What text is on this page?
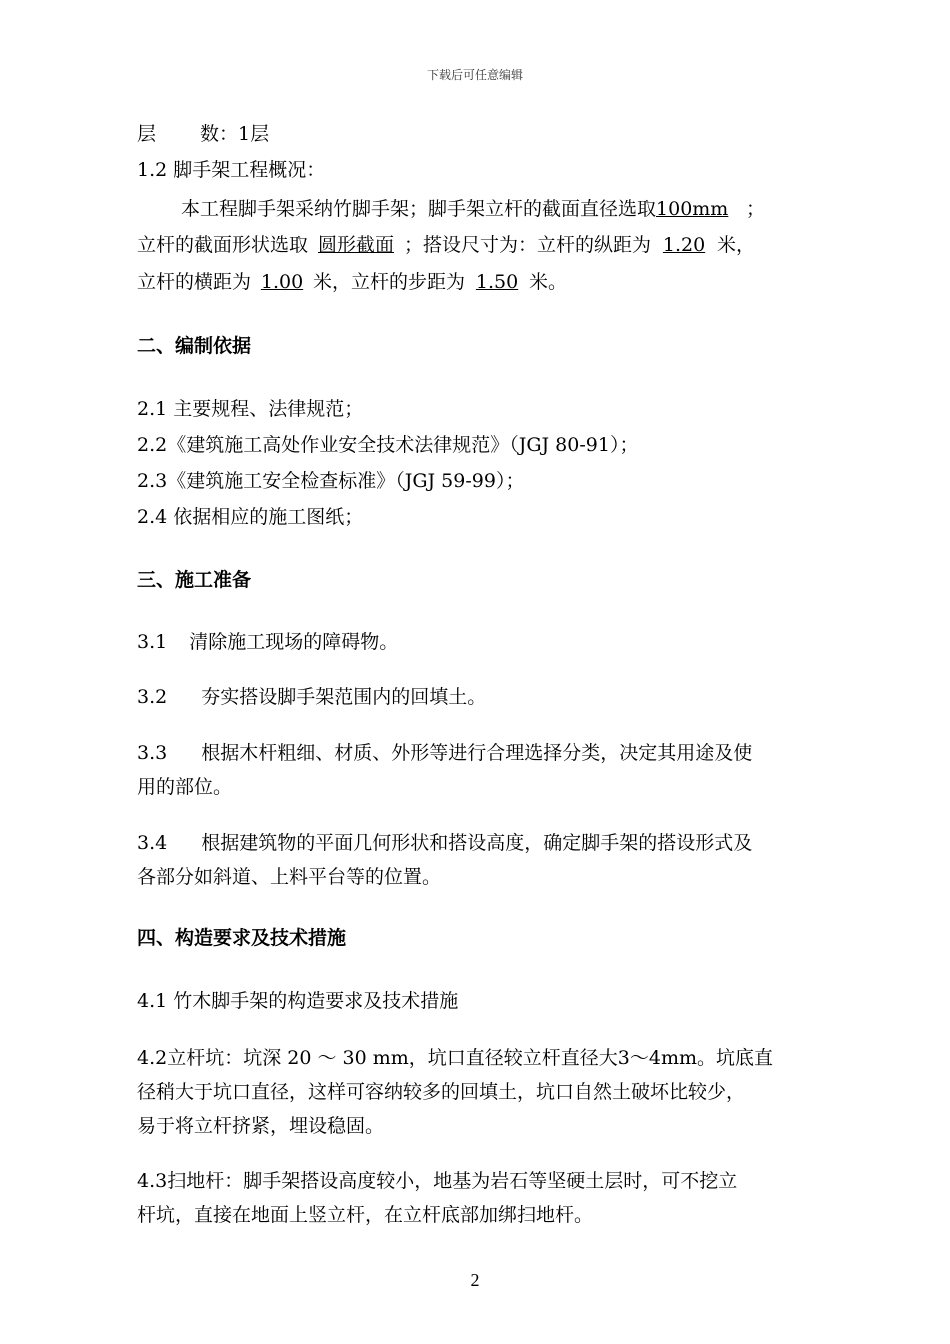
下载后可任意编辑
层 数：1层
1.2 脚手架工程概况：
本工程脚手架采纳竹脚手架；脚手架立杆的截面直径选取100mm ；
立杆的截面形状选取 圆形截面 ；搭设尺寸为：立杆的纵距为 1.20 米，
立杆的横距为 1.00 米，立杆的步距为 1.50 米。
二、编制依据
2.1 主要规程、法律规范；
2.2《建筑施工高处作业安全技术法律规范》（JGJ 80-91）；
2.3《建筑施工安全检查标准》（JGJ 59-99）；
2.4 依据相应的施工图纸；
三、施工准备
3.1 清除施工现场的障碍物。
3.2 夯实搭设脚手架范围内的回填土。
3.3 根据木杆粗细、材质、外形等进行合理选择分类，决定其用途及使
用的部位。
3.4 根据建筑物的平面几何形状和搭设高度，确定脚手架的搭设形式及
各部分如斜道、上料平台等的位置。
四、构造要求及技术措施
4.1 竹木脚手架的构造要求及技术措施
4.2立杆坑：坑深 20 ～ 30 mm，坑口直径较立杆直径大3～4mm。坑底直
径稍大于坑口直径，这样可容纳较多的回填土，坑口自然土破坏比较少，
易于将立杆挤紧，埋设稳固。
4.3扫地杆：脚手架搭设高度较小，地基为岩石等坚硬土层时，可不挖立
杆坑，直接在地面上竖立杆，在立杆底部加绑扫地杆。
2
